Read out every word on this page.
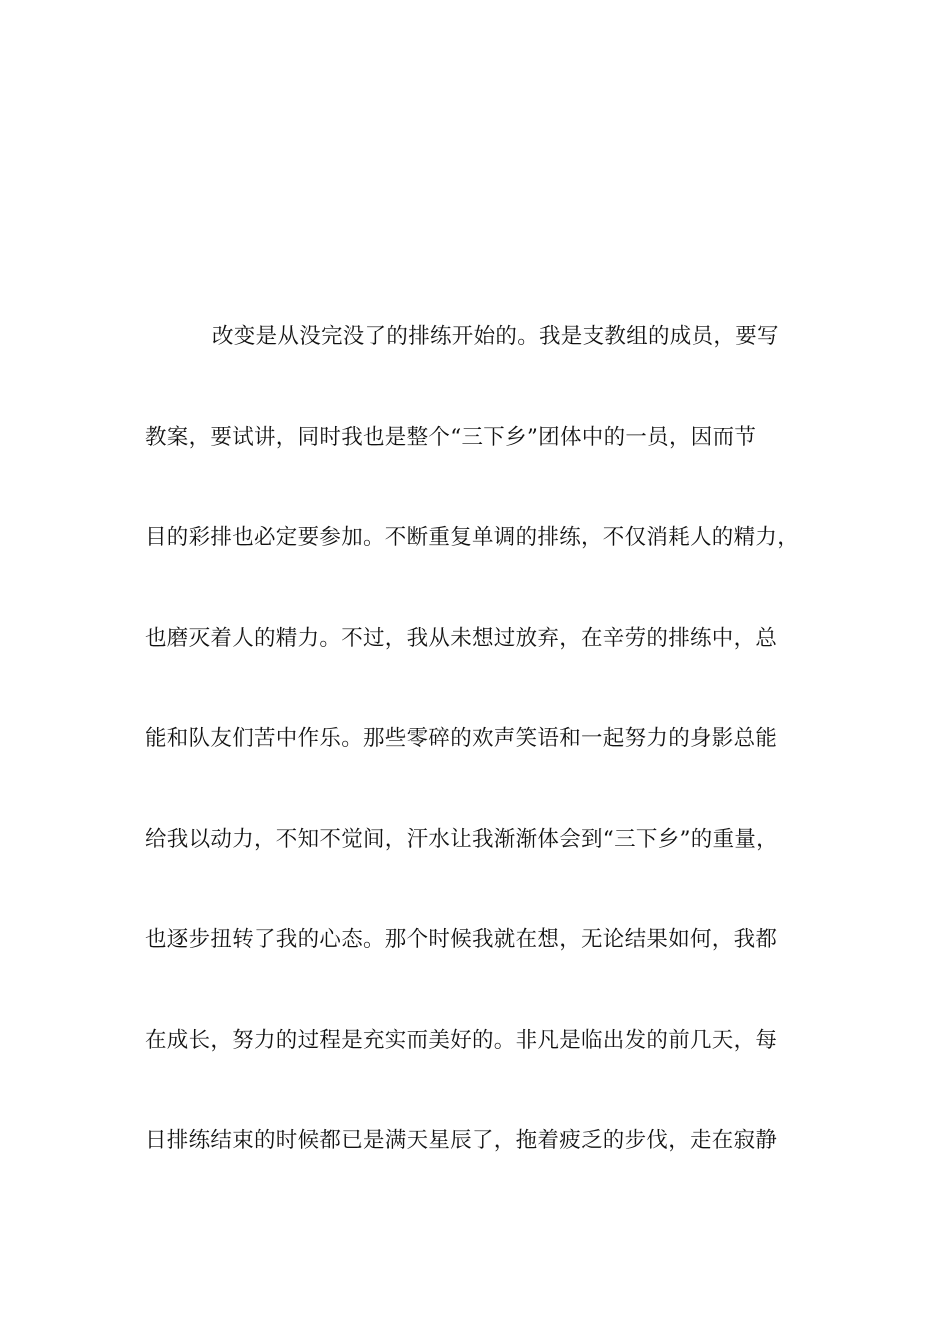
改变是从没完没了的排练开始的。我是支教组的成员，要写
教案，要试讲，同时我也是整个“三下乡”团体中的一员，因而节
目的彩排也必定要参加。不断重复单调的排练，不仅消耗人的精力，
也磨灭着人的精力。不过，我从未想过放弃，在辛劳的排练中，总
能和队友们苦中作乐。那些零碎的欢声笑语和一起努力的身影总能
给我以动力，不知不觉间，汗水让我渐渐体会到“三下乡”的重量，
也逐步扭转了我的心态。那个时候我就在想，无论结果如何，我都
在成长，努力的过程是充实而美好的。非凡是临出发的前几天，每
日排练结束的时候都已是满天星辰了，拖着疲乏的步伐，走在寂静
